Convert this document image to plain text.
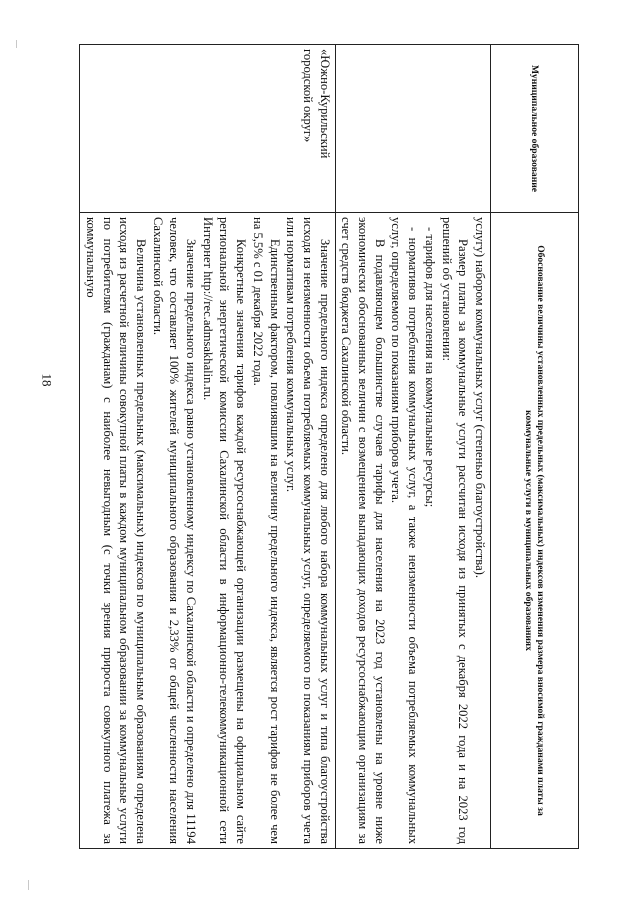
18
Муниципальное образование	Обоснование величины установленных предельных (максимальных) индексов изменения размера вносимой гражданами платы за коммунальные услуги в муниципальных образованиях

	услугу) набором коммунальных услуг (степенью благоустройства).

Размер платы за коммунальные услуги рассчитан исходя из принятых с декабря 2022 года и на 2023 год решений об установлении:

- тарифов для населения на коммунальные ресурсы;

- нормативов потребления коммунальных услуг, а также неизменности объема потребляемых коммунальных услуг, определяемого по показаниям приборов учета.

В подавляющем большинстве случаев тарифы для населения на 2023 год установлены на уровне ниже экономически обоснованных величин с возмещением выпадающих доходов ресурсоснабжающим организациям за счет средств бюджета Сахалинской области.

«Южно-Курильский городской округ»	Значение предельного индекса определено для любого набора коммунальных услуг и типа благоустройства исходя из неизменности объема потребляемых коммунальных услуг, определяемого по показаниям приборов учета или нормативам потребления коммунальных услуг.

Единственным фактором, повлиявшим на величину предельного индекса, является рост тарифов не более чем на 5,5% с 01 декабря 2022 года.

Конкретные значения тарифов каждой ресурсоснабжающей организации размещены на официальном сайте региональной энергетической комиссии Сахалинской области в информационно-телекоммуникационной сети Интернет http://rec.admsakhalin.ru.

Значение предельного индекса равно установленному индексу по Сахалинской области и определено для 11194 человек, что составляет 100% жителей муниципального образования и 2,33% от общей численности населения Сахалинской области.

Величина установленных предельных (максимальных) индексов по муниципальным образованиям определена исходя из расчетной величины совокупной платы в каждом муниципальном образовании за коммунальные услуги по потребителям (гражданам) с наиболее невыгодным (с точки зрения прироста совокупного платежа за коммунальную
